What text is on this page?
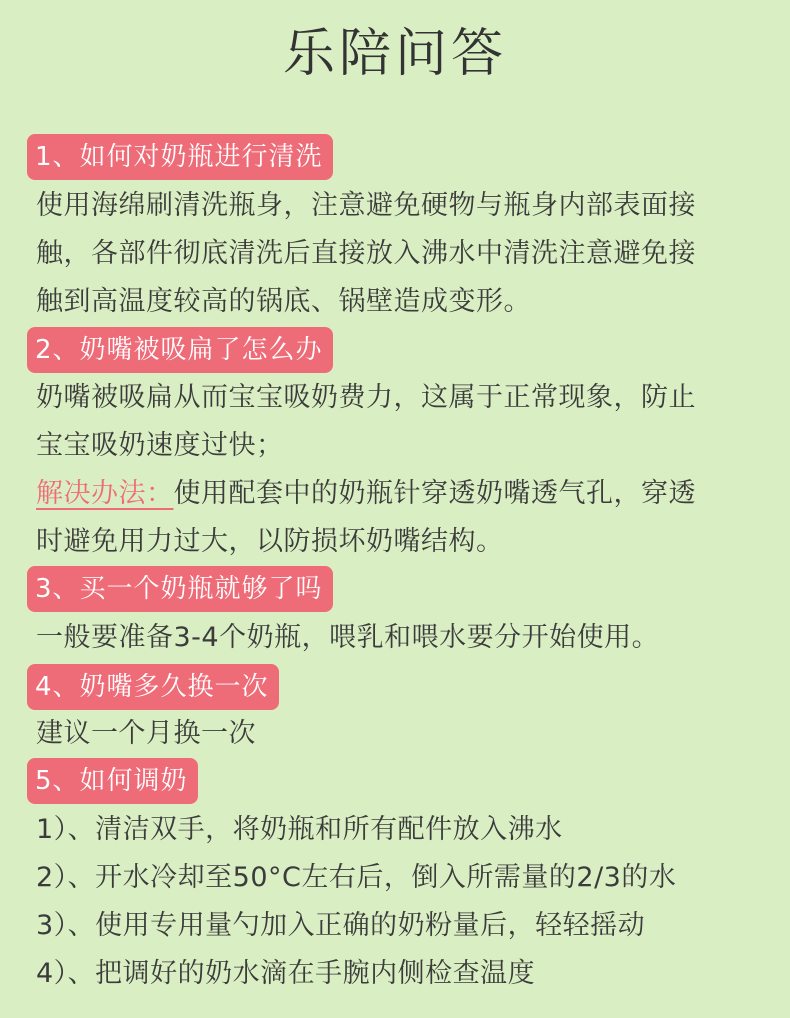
乐陪问答
1、如何对奶瓶进行清洗
使用海绵刷清洗瓶身，注意避免硬物与瓶身内部表面接
触，各部件彻底清洗后直接放入沸水中清洗注意避免接
触到高温度较高的锅底、锅壁造成变形。
2、奶嘴被吸扁了怎么办
奶嘴被吸扁从而宝宝吸奶费力，这属于正常现象，防止
宝宝吸奶速度过快；
解决办法：使用配套中的奶瓶针穿透奶嘴透气孔，穿透
时避免用力过大，以防损坏奶嘴结构。
3、买一个奶瓶就够了吗
一般要准备3-4个奶瓶，喂乳和喂水要分开始使用。
4、奶嘴多久换一次
建议一个月换一次
5、如何调奶
1）、清洁双手，将奶瓶和所有配件放入沸水
2）、开水冷却至50°C左右后，倒入所需量的2/3的水
3）、使用专用量勺加入正确的奶粉量后，轻轻摇动
4）、把调好的奶水滴在手腕内侧检查温度
